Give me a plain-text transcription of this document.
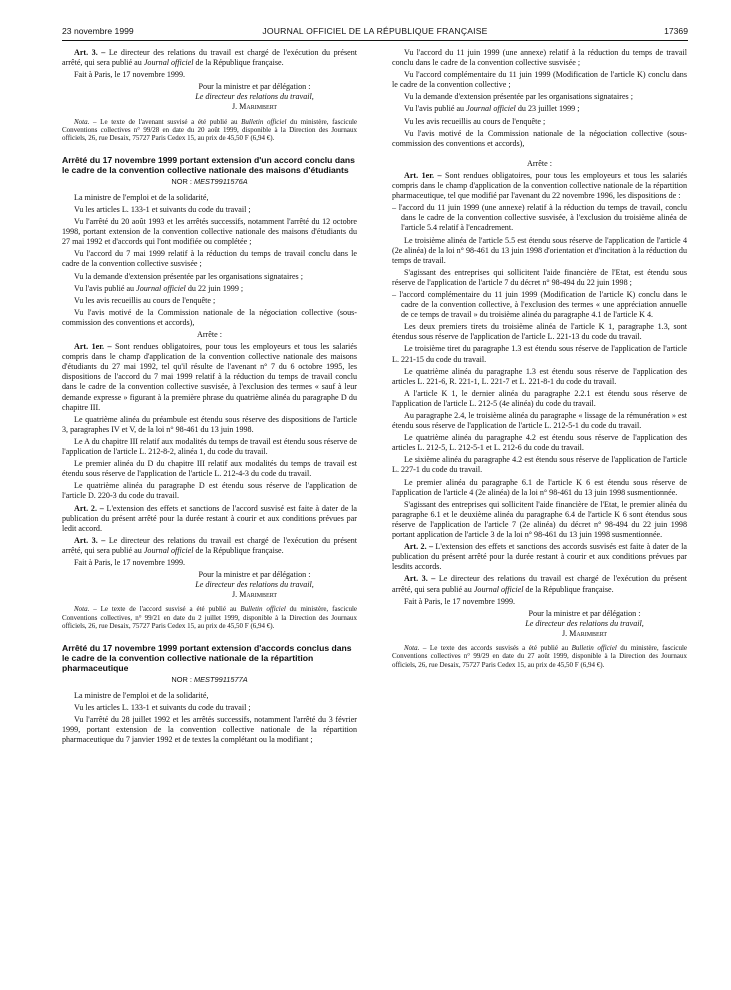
23 novembre 1999	JOURNAL OFFICIEL DE LA RÉPUBLIQUE FRANÇAISE	17369

Art. 3. – Le directeur des relations du travail est chargé de l'exécution du présent arrêté, qui sera publié au Journal officiel de la République française.

Fait à Paris, le 17 novembre 1999.

Pour la ministre et par délégation :

Le directeur des relations du travail,

J. Marimbert

Nota. – Le texte de l'avenant susvisé a été publié au Bulletin officiel du ministère, fascicule Conventions collectives n° 99/28 en date du 20 août 1999, disponible à la Direction des Journaux officiels, 26, rue Desaix, 75727 Paris Cedex 15, au prix de 45,50 F (6,94 €).

Arrêté du 17 novembre 1999 portant extension d'un accord conclu dans le cadre de la convention collective nationale des maisons d'étudiants

NOR : MEST9911576A

La ministre de l'emploi et de la solidarité,

Vu les articles L. 133-1 et suivants du code du travail ;

Vu l'arrêté du 20 août 1993 et les arrêtés successifs, notamment l'arrêté du 12 octobre 1998, portant extension de la convention collective nationale des maisons d'étudiants du 27 mai 1992 et d'accords qui l'ont modifiée ou complétée ;

Vu l'accord du 7 mai 1999 relatif à la réduction du temps de travail conclu dans le cadre de la convention collective susvisée ;

Vu la demande d'extension présentée par les organisations signataires ;

Vu l'avis publié au Journal officiel du 22 juin 1999 ;

Vu les avis recueillis au cours de l'enquête ;

Vu l'avis motivé de la Commission nationale de la négociation collective (sous-commission des conventions et accords),

Arrête :

Art. 1er. – Sont rendues obligatoires, pour tous les employeurs et tous les salariés compris dans le champ d'application de la convention collective nationale des maisons d'étudiants du 27 mai 1992, tel qu'il résulte de l'avenant n° 7 du 6 octobre 1995, les dispositions de l'accord du 7 mai 1999 relatif à la réduction du temps de travail conclu dans le cadre de la convention collective susvisée, à l'exclusion des termes « sauf à leur demande expresse » figurant à la première phrase du quatrième alinéa du paragraphe D du chapitre III.

Le quatrième alinéa du préambule est étendu sous réserve des dispositions de l'article 3, paragraphes IV et V, de la loi n° 98-461 du 13 juin 1998.

Le A du chapitre III relatif aux modalités du temps de travail est étendu sous réserve de l'application de l'article L. 212-8-2, alinéa 1, du code du travail.

Le premier alinéa du D du chapitre III relatif aux modalités du temps de travail est étendu sous réserve de l'application de l'article L. 212-4-3 du code du travail.

Le quatrième alinéa du paragraphe D est étendu sous réserve de l'application de l'article D. 220-3 du code du travail.

Art. 2. – L'extension des effets et sanctions de l'accord susvisé est faite à dater de la publication du présent arrêté pour la durée restant à courir et aux conditions prévues par ledit accord.

Art. 3. – Le directeur des relations du travail est chargé de l'exécution du présent arrêté, qui sera publié au Journal officiel de la République française.

Fait à Paris, le 17 novembre 1999.

Pour la ministre et par délégation :

Le directeur des relations du travail,

J. Marimbert

Nota. – Le texte de l'accord susvisé a été publié au Bulletin officiel du ministère, fascicule Conventions collectives, n° 99/21 en date du 2 juillet 1999, disponible à la Direction des Journaux officiels, 26, rue Desaix, 75727 Paris Cedex 15, au prix de 45,50 F (6,94 €).

Arrêté du 17 novembre 1999 portant extension d'accords conclus dans le cadre de la convention collective nationale de la répartition pharmaceutique

NOR : MEST9911577A

La ministre de l'emploi et de la solidarité,

Vu les articles L. 133-1 et suivants du code du travail ;

Vu l'arrêté du 28 juillet 1992 et les arrêtés successifs, notamment l'arrêté du 3 février 1999, portant extension de la convention collective nationale de la répartition pharmaceutique du 7 janvier 1992 et de textes la complétant ou la modifiant ;

Vu l'accord du 11 juin 1999 (une annexe) relatif à la réduction du temps de travail conclu dans le cadre de la convention collective susvisée ;

Vu l'accord complémentaire du 11 juin 1999 (Modification de l'article K) conclu dans le cadre de la convention collective ;

Vu la demande d'extension présentée par les organisations signataires ;

Vu l'avis publié au Journal officiel du 23 juillet 1999 ;

Vu les avis recueillis au cours de l'enquête ;

Vu l'avis motivé de la Commission nationale de la négociation collective (sous-commission des conventions et accords),

Arrête :

Art. 1er. – Sont rendues obligatoires, pour tous les employeurs et tous les salariés compris dans le champ d'application de la convention collective nationale de la répartition pharmaceutique, tel que modifié par l'avenant du 22 novembre 1996, les dispositions de :

– l'accord du 11 juin 1999 (une annexe) relatif à la réduction du temps de travail, conclu dans le cadre de la convention collective susvisée, à l'exclusion du troisième alinéa de l'article 5.4 relatif à l'encadrement.

Le troisième alinéa de l'article 5.5 est étendu sous réserve de l'application de l'article 4 (2e alinéa) de la loi n° 98-461 du 13 juin 1998 d'orientation et d'incitation à la réduction du temps de travail.

S'agissant des entreprises qui sollicitent l'aide financière de l'Etat, est étendu sous réserve de l'application de l'article 7 du décret n° 98-494 du 22 juin 1998 ;

– l'accord complémentaire du 11 juin 1999 (Modification de l'article K) conclu dans le cadre de la convention collective, à l'exclusion des termes « une appréciation annuelle de ce temps de travail » du troisième alinéa du paragraphe 4.1 de l'article K 4.

Les deux premiers tirets du troisième alinéa de l'article K 1, paragraphe 1.3, sont étendus sous réserve de l'application de l'article L. 221-13 du code du travail.

Le troisième tiret du paragraphe 1.3 est étendu sous réserve de l'application de l'article L. 221-15 du code du travail.

Le quatrième alinéa du paragraphe 1.3 est étendu sous réserve de l'application des articles L. 221-6, R. 221-1, L. 221-7 et L. 221-8-1 du code du travail.

A l'article K 1, le dernier alinéa du paragraphe 2.2.1 est étendu sous réserve de l'application de l'article L. 212-5 (4e alinéa) du code du travail.

Au paragraphe 2.4, le troisième alinéa du paragraphe « lissage de la rémunération » est étendu sous réserve de l'application de l'article L. 212-5-1 du code du travail.

Le quatrième alinéa du paragraphe 4.2 est étendu sous réserve de l'application des articles L. 212-5, L. 212-5-1 et L. 212-6 du code du travail.

Le sixième alinéa du paragraphe 4.2 est étendu sous réserve de l'application de l'article L. 227-1 du code du travail.

Le premier alinéa du paragraphe 6.1 de l'article K 6 est étendu sous réserve de l'application de l'article 4 (2e alinéa) de la loi n° 98-461 du 13 juin 1998 susmentionnée.

S'agissant des entreprises qui sollicitent l'aide financière de l'Etat, le premier alinéa du paragraphe 6.1 et le deuxième alinéa du paragraphe 6.4 de l'article K 6 sont étendus sous réserve de l'application de l'article 7 (2e alinéa) du décret n° 98-494 du 22 juin 1998 portant application de l'article 3 de la loi n° 98-461 du 13 juin 1998 susmentionnée.

Art. 2. – L'extension des effets et sanctions des accords susvisés est faite à dater de la publication du présent arrêté pour la durée restant à courir et aux conditions prévues par lesdits accords.

Art. 3. – Le directeur des relations du travail est chargé de l'exécution du présent arrêté, qui sera publié au Journal officiel de la République française.

Fait à Paris, le 17 novembre 1999.

Pour la ministre et par délégation :

Le directeur des relations du travail,

J. Marimbert

Nota. – Le texte des accords susvisés a été publié au Bulletin officiel du ministère, fascicule Conventions collectives n° 99/29 en date du 27 août 1999, disponible à la Direction des Journaux officiels, 26, rue Desaix, 75727 Paris Cedex 15, au prix de 45,50 F (6,94 €).
